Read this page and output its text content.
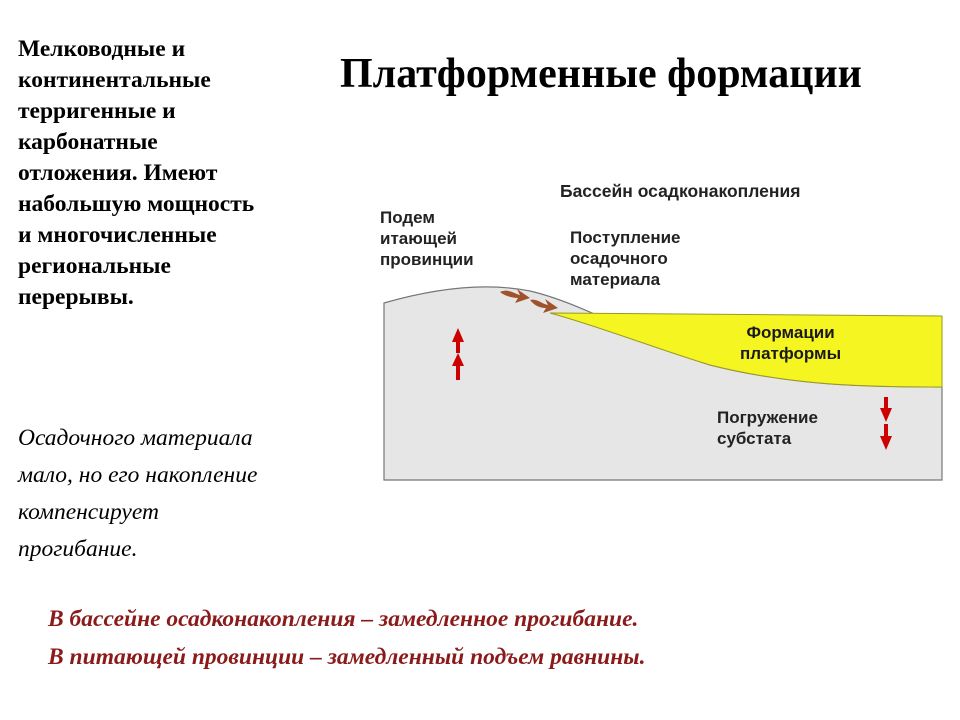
Мелководные и
континентальные
терригенные и
карбонатные
отложения. Имеют
набольшую мощность
и многочисленные
региональные
перерывы.
Платформенные формации
Осадочного материала
мало, но его накопление
компенсирует
прогибание.
Бассейн осадконакопления
Подем
итающей
провинции
Поступление
осадочного
материала
Формации
платформы
Погружение
субстата
В бассейне осадконакопления – замедленное прогибание.
В питающей провинции – замедленный подъем равнины.
